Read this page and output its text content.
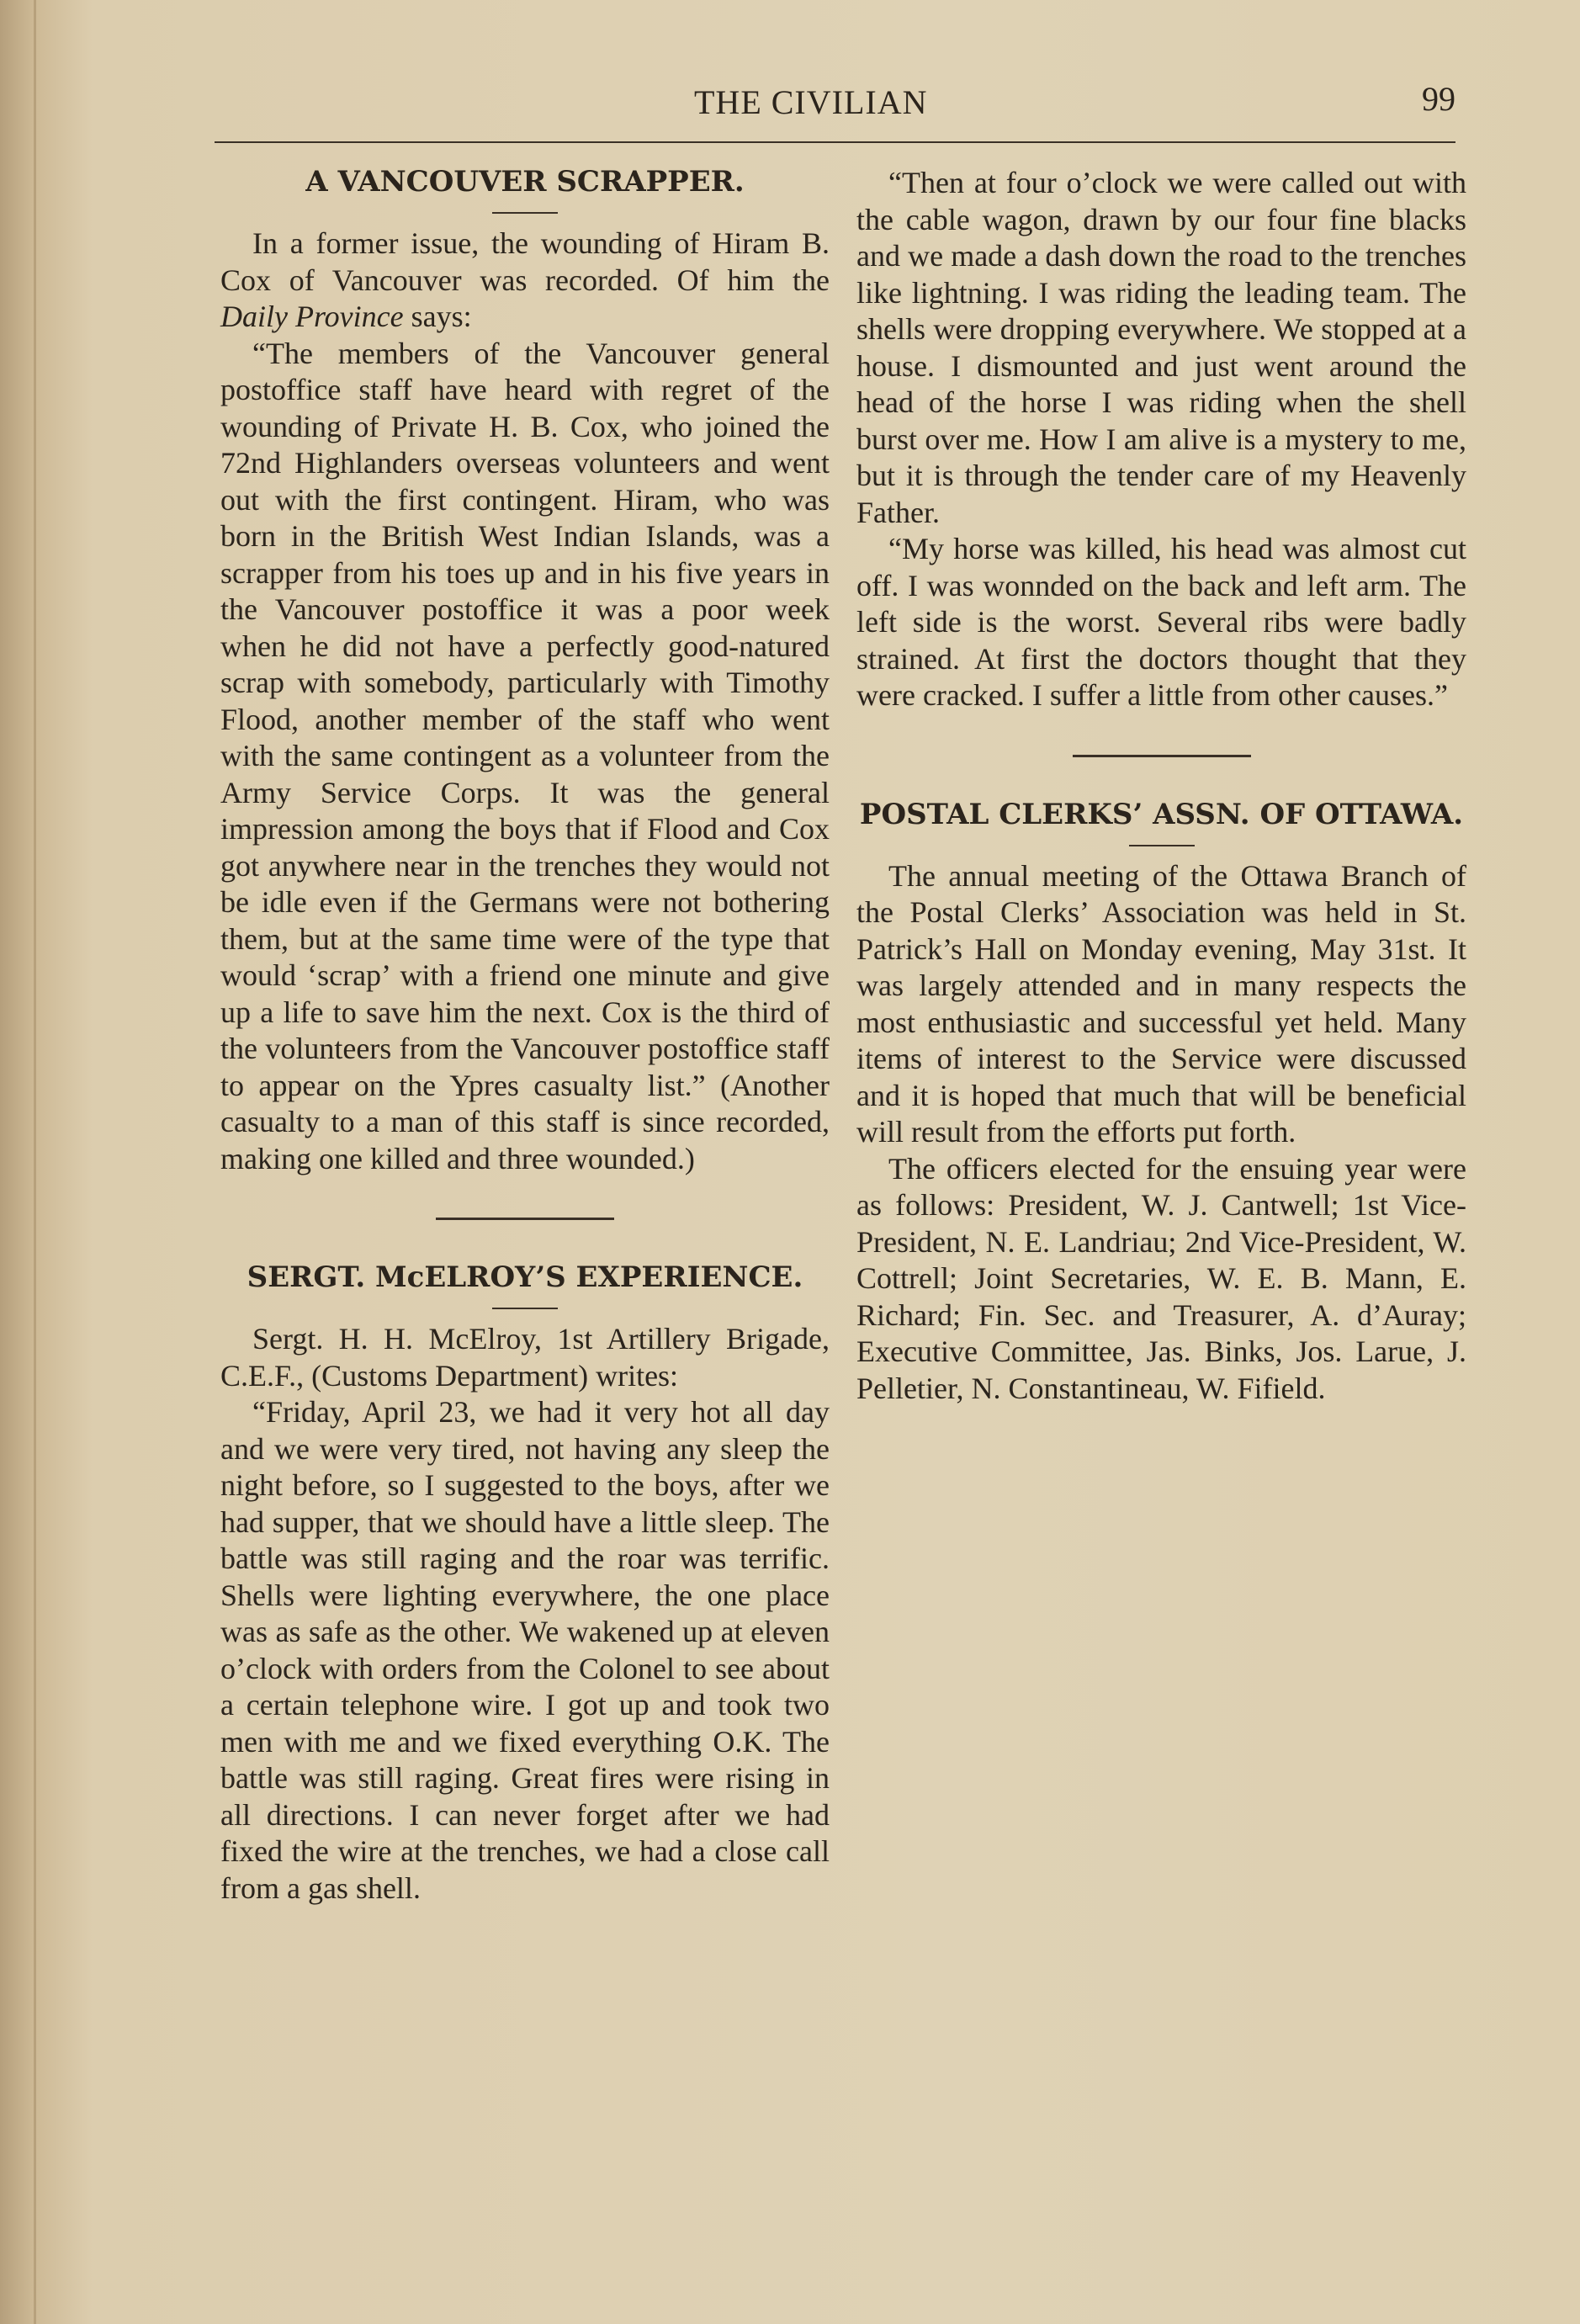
THE CIVILIAN	99
A VANCOUVER SCRAPPER.

In a former issue, the wounding of Hiram B. Cox of Vancouver was recorded. Of him the Daily Province says:

“The members of the Vancouver general postoffice staff have heard with regret of the wounding of Private H. B. Cox, who joined the 72nd Highlanders overseas volunteers and went out with the first contingent. Hiram, who was born in the British West Indian Islands, was a scrapper from his toes up and in his five years in the Vancouver postoffice it was a poor week when he did not have a perfectly good-natured scrap with somebody, particularly with Timothy Flood, another member of the staff who went with the same contingent as a volunteer from the Army Service Corps. It was the general impression among the boys that if Flood and Cox got anywhere near in the trenches they would not be idle even if the Germans were not bothering them, but at the same time were of the type that would ‘scrap’ with a friend one minute and give up a life to save him the next. Cox is the third of the volunteers from the Vancouver postoffice staff to appear on the Ypres casualty list.” (Another casualty to a man of this staff is since recorded, making one killed and three wounded.)

SERGT. McELROY’S EXPERIENCE.

Sergt. H. H. McElroy, 1st Artillery Brigade, C.E.F., (Customs Department) writes:

“Friday, April 23, we had it very hot all day and we were very tired, not having any sleep the night before, so I suggested to the boys, after we had supper, that we should have a little sleep. The battle was still raging and the roar was terrific. Shells were lighting everywhere, the one place was as safe as the other. We wakened up at eleven o’clock with orders from the Colonel to see about a certain telephone wire. I got up and took two men with me and we fixed everything O.K. The battle was still raging. Great fires were rising in all directions. I can never forget after we had fixed the wire at the trenches, we had a close call from a gas shell.

“Then at four o’clock we were called out with the cable wagon, drawn by our four fine blacks and we made a dash down the road to the trenches like lightning. I was riding the leading team. The shells were dropping everywhere. We stopped at a house. I dismounted and just went around the head of the horse I was riding when the shell burst over me. How I am alive is a mystery to me, but it is through the tender care of my Heavenly Father.

“My horse was killed, his head was almost cut off. I was wonnded on the back and left arm. The left side is the worst. Several ribs were badly strained. At first the doctors thought that they were cracked. I suffer a little from other causes.”

POSTAL CLERKS’ ASSN. OF OTTAWA.

The annual meeting of the Ottawa Branch of the Postal Clerks’ Association was held in St. Patrick’s Hall on Monday evening, May 31st. It was largely attended and in many respects the most enthusiastic and successful yet held. Many items of interest to the Service were discussed and it is hoped that much that will be beneficial will result from the efforts put forth.

The officers elected for the ensuing year were as follows: President, W. J. Cantwell; 1st Vice-President, N. E. Landriau; 2nd Vice-President, W. Cottrell; Joint Secretaries, W. E. B. Mann, E. Richard; Fin. Sec. and Treasurer, A. d’Auray; Executive Committee, Jas. Binks, Jos. Larue, J. Pelletier, N. Constantineau, W. Fifield.
